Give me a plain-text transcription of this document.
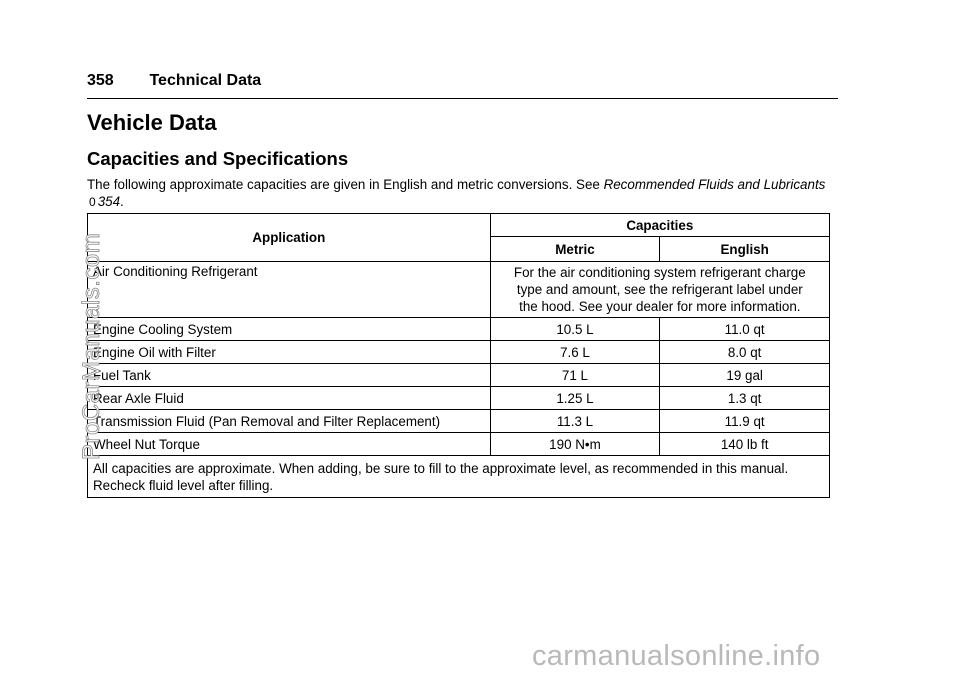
358 Technical Data
Vehicle Data
Capacities and Specifications
The following approximate capacities are given in English and metric conversions. See Recommended Fluids and Lubricants 0 354.
Application	Capacities	
	Metric	English
Air Conditioning Refrigerant	For the air conditioning system refrigerant charge
type and amount, see the refrigerant label under
the hood. See your dealer for more information.	

Engine Cooling System	10.5 L	11.0 qt
Engine Oil with Filter	7.6 L	8.0 qt
Fuel Tank	71 L	19 gal
Rear Axle Fluid	1.25 L	1.3 qt
Transmission Fluid (Pan Removal and Filter Replacement)	11.3 L	11.9 qt
Wheel Nut Torque	190 N•m	140 lb ft
All capacities are approximate. When adding, be sure to fill to the approximate level, as recommended in this manual. Recheck fluid level after filling.		
ProCarManuals.com
carmanualsonline.info
